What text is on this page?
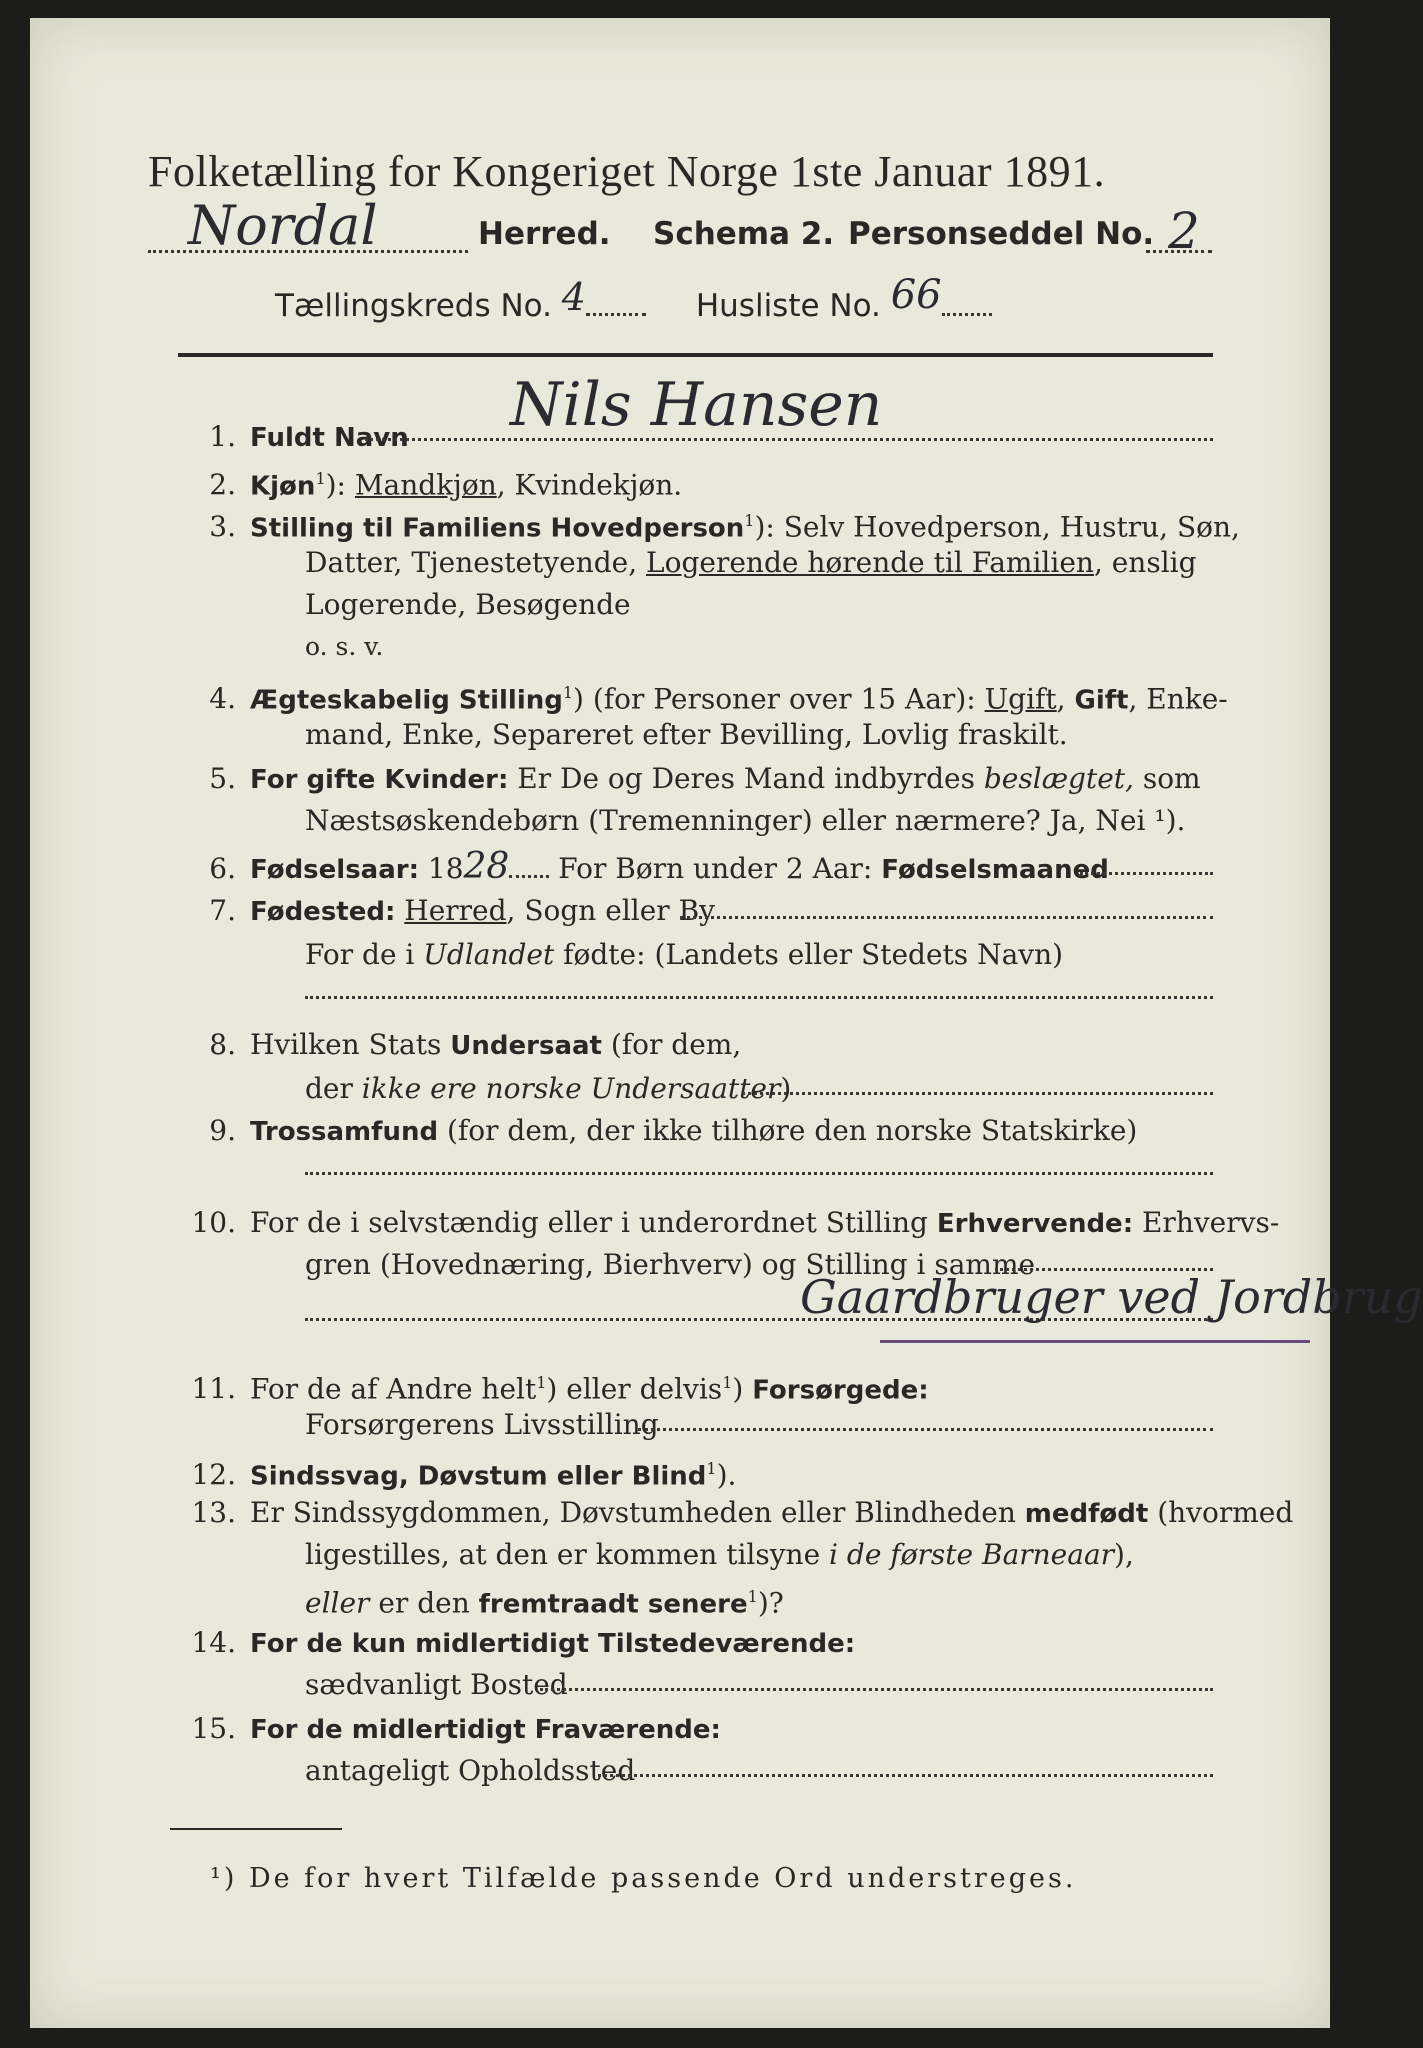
Folketælling for Kongeriget Norge 1ste Januar 1891.
Nordal	Herred. Schema 2. Personseddel No. 2
Tællingskreds No. 4	Husliste No. 66
1. Fuldt Navn	Nils Hansen
2. Kjøn$^1$): Mandkjøn, Kvindekjøn.
3. Stilling til Familiens Hovedperson$^1$): Selv Hovedperson, Hustru, Søn,
Datter, Tjenestetyende, Logerende hørende til Familien, enslig
Logerende, Besøgende
o. s. v.
4. Ægteskabelig Stilling$^1$) (for Personer over 15 Aar): Ugift, Gift, Enke-
mand, Enke, Separeret efter Bevilling, Lovlig fraskilt.
5. For gifte Kvinder: Er De og Deres Mand indbyrdes beslægtet, som
Næstsøskendebørn (Tremenninger) eller nærmere? Ja, Nei ¹).
6. Fødselsaar: 1828 For Børn under 2 Aar: Fødselsmaaned
7. Fødested: Herred, Sogn eller By
For de i Udlandet fødte: (Landets eller Stedets Navn)
8. Hvilken Stats Undersaat (for dem,
der ikke ere norske Undersaatter)
9. Trossamfund (for dem, der ikke tilhøre den norske Statskirke)
10. For de i selvstændig eller i underordnet Stilling Erhvervende: Erhvervs-
gren (Hovednæring, Bierhverv) og Stilling i samme
Gaardbruger ved Jordbrug
11. For de af Andre helt$^1$) eller delvis$^1$) Forsørgede:
Forsørgerens Livsstilling
12. Sindssvag, Døvstum eller Blind$^1$).
13. Er Sindssygdommen, Døvstumheden eller Blindheden medfødt (hvormed
ligestilles, at den er kommen tilsyne i de første Barneaar),
eller er den fremtraadt senere$^1$)?
14. For de kun midlertidigt Tilstedeværende:
sædvanligt Bosted
15. For de midlertidigt Fraværende:
antageligt Opholdssted
¹) De for hvert Tilfælde passende Ord understreges.
